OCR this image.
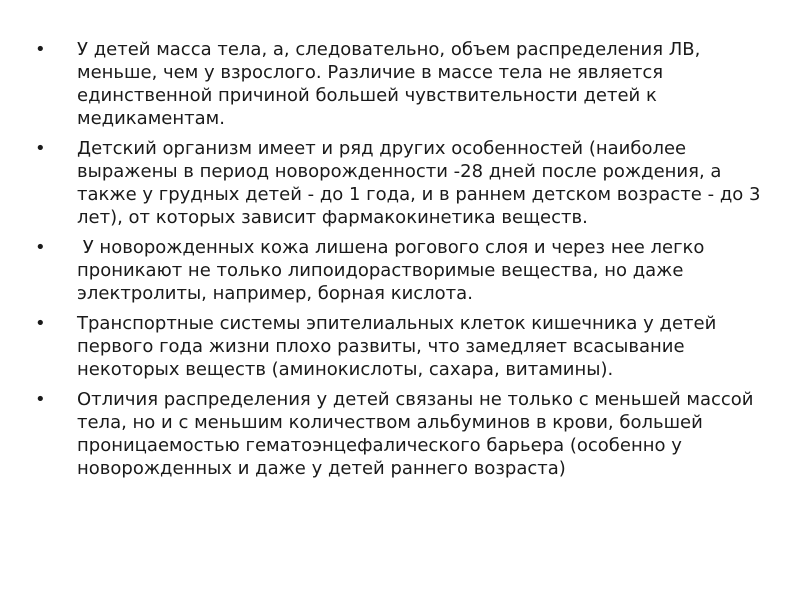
•	У детей масса тела, а, следовательно, объем распределения ЛВ, меньше, чем у взрослого. Различие в массе тела не является единственной причиной большей чувствительности детей к медикаментам.
•	Детский организм имеет и ряд других особенностей (наиболее выражены в период новорожденности -28 дней после рождения, а также у грудных детей - до 1 года, и в раннем детском возрасте - до 3 лет), от которых зависит фармакокинетика веществ.
•	У новорожденных кожа лишена рогового слоя и через нее легко проникают не только липоидорастворимые вещества, но даже электролиты, например, борная кислота.
•	Транспортные системы эпителиальных клеток кишечника у детей первого года жизни плохо развиты, что замедляет всасывание некоторых веществ (аминокислоты, сахара, витамины).
•	Отличия распределения у детей связаны не только с меньшей массой тела, но и с меньшим количеством альбуминов в крови, большей проницаемостью гематоэнцефалического барьера (особенно у новорожденных и даже у детей раннего возраста)
